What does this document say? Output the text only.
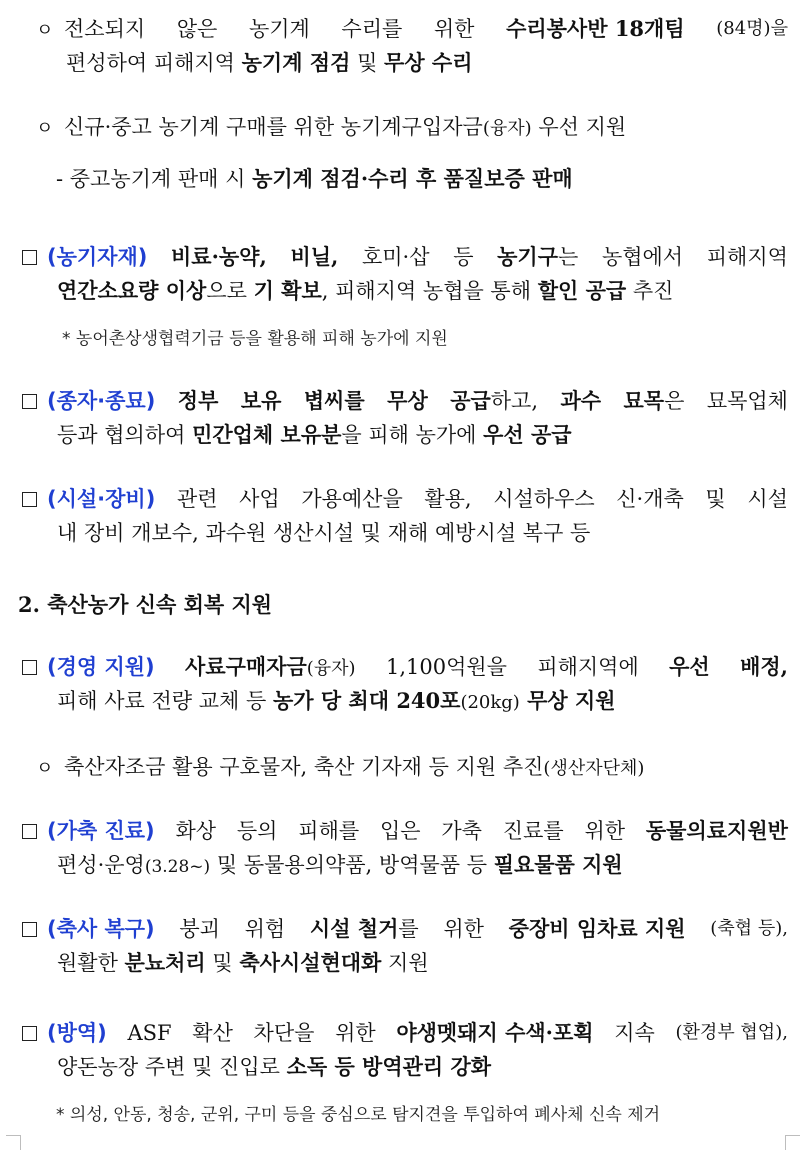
ㅇ 전소되지 않은 농기계 수리를 위한 수리봉사반 18개팀 (84명)을
편성하여 피해지역 농기계 점검 및 무상 수리
ㅇ 신규·중고 농기계 구매를 위한 농기계구입자금(융자) 우선 지원
- 중고농기계 판매 시 농기계 점검·수리 후 품질보증 판매
(농기자재) 비료·농약, 비닐, 호미·삽 등 농기구는 농협에서 피해지역
연간소요량 이상으로 기 확보, 피해지역 농협을 통해 할인 공급 추진
* 농어촌상생협력기금 등을 활용해 피해 농가에 지원
(종자·종묘) 정부 보유 볍씨를 무상 공급하고, 과수 묘목은 묘목업체
등과 협의하여 민간업체 보유분을 피해 농가에 우선 공급
(시설·장비) 관련 사업 가용예산을 활용, 시설하우스 신·개축 및 시설
내 장비 개보수, 과수원 생산시설 및 재해 예방시설 복구 등
2. 축산농가 신속 회복 지원
(경영 지원) 사료구매자금(융자) 1,100억원을 피해지역에 우선 배정,
피해 사료 전량 교체 등 농가 당 최대 240포(20kg) 무상 지원
ㅇ 축산자조금 활용 구호물자, 축산 기자재 등 지원 추진(생산자단체)
(가축 진료) 화상 등의 피해를 입은 가축 진료를 위한 동물의료지원반
편성·운영(3.28~) 및 동물용의약품, 방역물품 등 필요물품 지원
(축사 복구) 붕괴 위험 시설 철거를 위한 중장비 임차료 지원 (축협 등),
원활한 분뇨처리 및 축사시설현대화 지원
(방역) ASF 확산 차단을 위한 야생멧돼지 수색·포획 지속 (환경부 협업),
양돈농장 주변 및 진입로 소독 등 방역관리 강화
* 의성, 안동, 청송, 군위, 구미 등을 중심으로 탐지견을 투입하여 폐사체 신속 제거
